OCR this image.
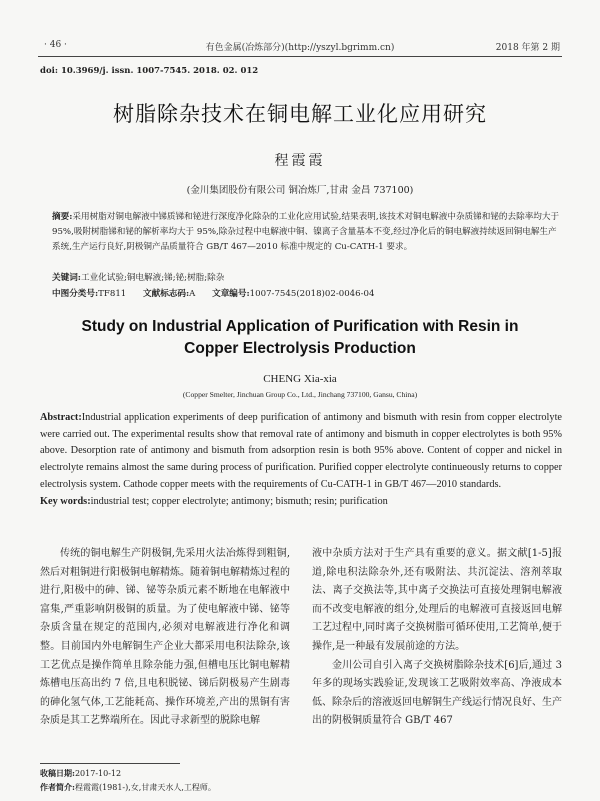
· 46 ·	有色金属(冶炼部分)(http://yszyl.bgrimm.cn)	2018 年第 2 期
doi: 10.3969/j. issn. 1007-7545. 2018. 02. 012
树脂除杂技术在铜电解工业化应用研究
程霞霞
(金川集团股份有限公司 铜冶炼厂,甘肃 金昌 737100)
摘要:采用树脂对铜电解液中锑质锑和铋进行深度净化除杂的工业化应用试验,结果表明,该技术对铜电解液中杂质锑和铋的去除率均大于 95%,吸附树脂锑和铋的解析率均大于 95%,除杂过程中电解液中铜、镍离子含量基本不变,经过净化后的铜电解液持续返回铜电解生产系统,生产运行良好,阴极铜产品质量符合 GB/T 467—2010 标准中规定的 Cu-CATH-1 要求。
关键词:工业化试验;铜电解液;锑;铋;树脂;除杂
中图分类号:TF811 文献标志码:A 文章编号:1007-7545(2018)02-0046-04
Study on Industrial Application of Purification with Resin in
Copper Electrolysis Production
CHENG Xia-xia
(Copper Smelter, Jinchuan Group Co., Ltd., Jinchang 737100, Gansu, China)
Abstract:Industrial application experiments of deep purification of antimony and bismuth with resin from copper electrolyte were carried out. The experimental results show that removal rate of antimony and bismuth in copper electrolytes is both 95% above. Desorption rate of antimony and bismuth from adsorption resin is both 95% above. Content of copper and nickel in electrolyte remains almost the same during process of purification. Purified copper electrolyte continueously returns to copper electrolysis system. Cathode copper meets with the requirements of Cu-CATH-1 in GB/T 467—2010 standards.
Key words:industrial test; copper electrolyte; antimony; bismuth; resin; purification

传统的铜电解生产阴极铜,先采用火法冶炼得到粗铜,然后对粗铜进行阳极铜电解精炼。随着铜电解精炼过程的进行,阳极中的砷、锑、铋等杂质元素不断地在电解液中富集,严重影响阴极铜的质量。为了使电解液中锑、铋等杂质含量在规定的范围内,必须对电解液进行净化和调整。目前国内外电解铜生产企业大都采用电积法除杂,该工艺优点是操作简单且除杂能力强,但槽电压比铜电解精炼槽电压高出约 7 倍,且电积脱铋、锑后阴极易产生剧毒的砷化氢气体,工艺能耗高、操作环境差,产出的黑铜有害杂质是其工艺弊端所在。因此寻求新型的脱除电解

液中杂质方法对于生产具有重要的意义。据文献[1-5]报道,除电积法除杂外,还有吸附法、共沉淀法、溶剂萃取法、离子交换法等,其中离子交换法可直接处理铜电解液而不改变电解液的组分,处理后的电解液可直接返回电解工艺过程中,同时离子交换树脂可循环使用,工艺简单,便于操作,是一种最有发展前途的方法。

金川公司自引入离子交换树脂除杂技术[6]后,通过 3 年多的现场实践验证,发现该工艺吸附效率高、净液成本低、除杂后的溶液返回电解铜生产线运行情况良好、生产出的阴极铜质量符合 GB/T 467

收稿日期:2017-10-12
作者简介:程霞霞(1981-),女,甘肃天水人,工程师。
